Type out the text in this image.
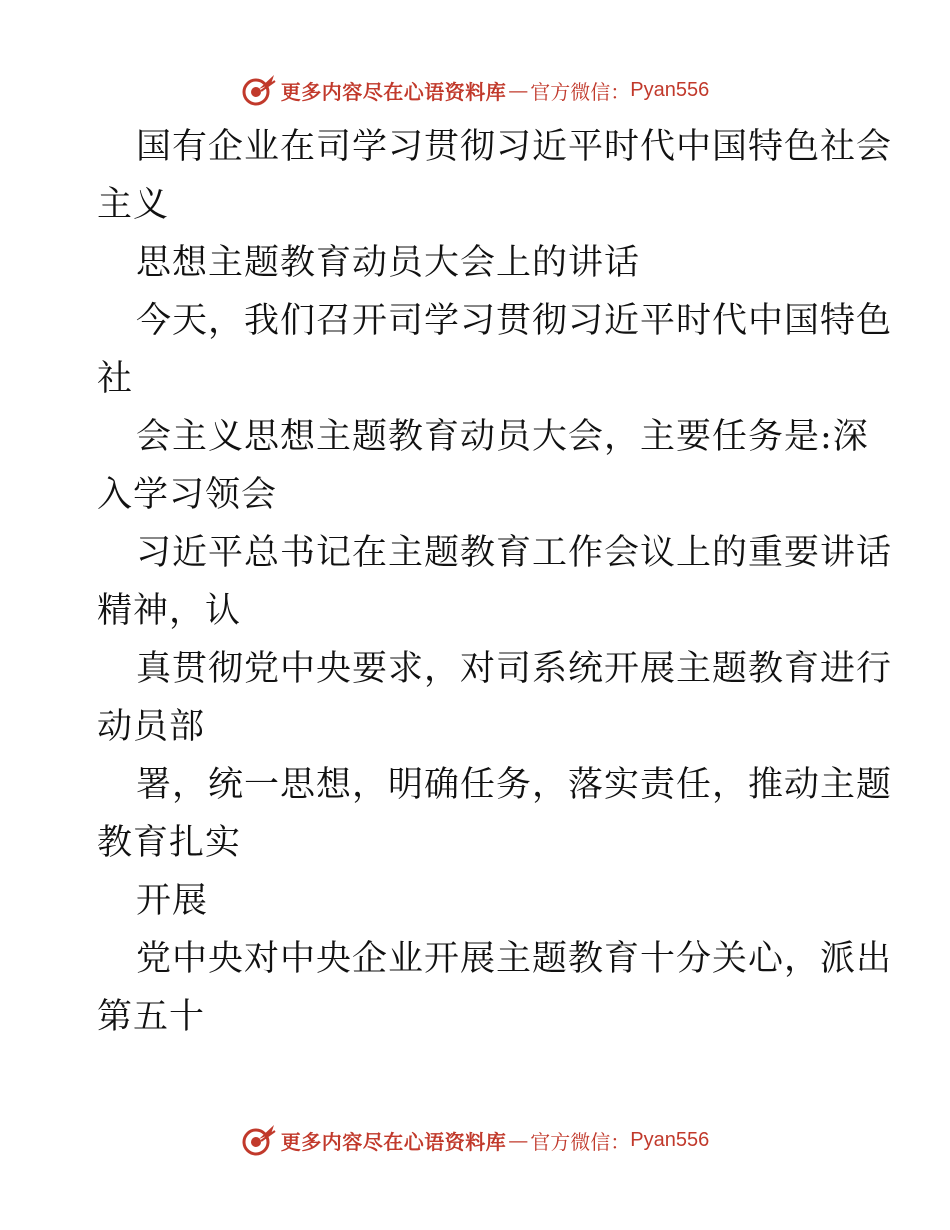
更多内容尽在心语资料库 — 官方微信： Pyan556
国有企业在司学习贯彻习近平时代中国特色社会
主义
思想主题教育动员大会上的讲话
今天，我们召开司学习贯彻习近平时代中国特色
社
会主义思想主题教育动员大会，主要任务是:深
入学习领会
习近平总书记在主题教育工作会议上的重要讲话
精神，认
真贯彻党中央要求，对司系统开展主题教育进行
动员部
署，统一思想，明确任务，落实责任，推动主题
教育扎实
开展
党中央对中央企业开展主题教育十分关心，派出
第五十
更多内容尽在心语资料库 — 官方微信： Pyan556
